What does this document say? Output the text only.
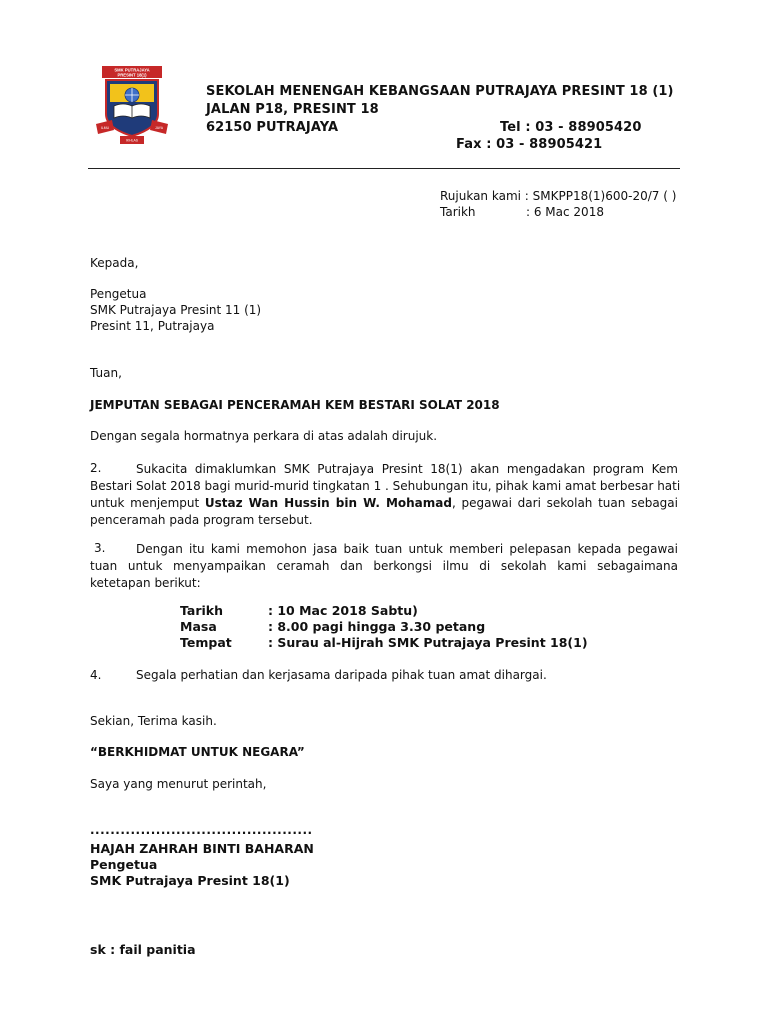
SMK PUTRAJAYA
PRESINT 18(1)
ILMU	JAYA
IKHLAS
SEKOLAH MENENGAH KEBANGSAAN PUTRAJAYA PRESINT 18 (1)
JALAN P18, PRESINT 18
62150 PUTRAJAYA	Tel : 03 - 88905420
Fax : 03 - 88905421
Rujukan kami : SMKPP18(1)600-20/7 ( )
Tarikh	: 6 Mac 2018
Kepada,
Pengetua
SMK Putrajaya Presint 11 (1)
Presint 11, Putrajaya
Tuan,
JEMPUTAN SEBAGAI PENCERAMAH KEM BESTARI SOLAT 2018
Dengan segala hormatnya perkara di atas adalah dirujuk.
2.	Sukacita dimaklumkan SMK Putrajaya Presint 18(1) akan mengadakan program Kem
Bestari Solat 2018 bagi murid-murid tingkatan 1 . Sehubungan itu, pihak kami amat berbesar hati
untuk menjemput Ustaz Wan Hussin bin W. Mohamad, pegawai dari sekolah tuan sebagai
penceramah pada program tersebut.
3.	Dengan itu kami memohon jasa baik tuan untuk memberi pelepasan kepada pegawai
tuan untuk menyampaikan ceramah dan berkongsi ilmu di sekolah kami sebagaimana
ketetapan berikut:
Tarikh	: 10 Mac 2018 Sabtu)
Masa	: 8.00 pagi hingga 3.30 petang
Tempat	: Surau al-Hijrah SMK Putrajaya Presint 18(1)
4.	Segala perhatian dan kerjasama daripada pihak tuan amat dihargai.
Sekian, Terima kasih.
“BERKHIDMAT UNTUK NEGARA”
Saya yang menurut perintah,
............................................
HAJAH ZAHRAH BINTI BAHARAN
Pengetua
SMK Putrajaya Presint 18(1)
sk : fail panitia
